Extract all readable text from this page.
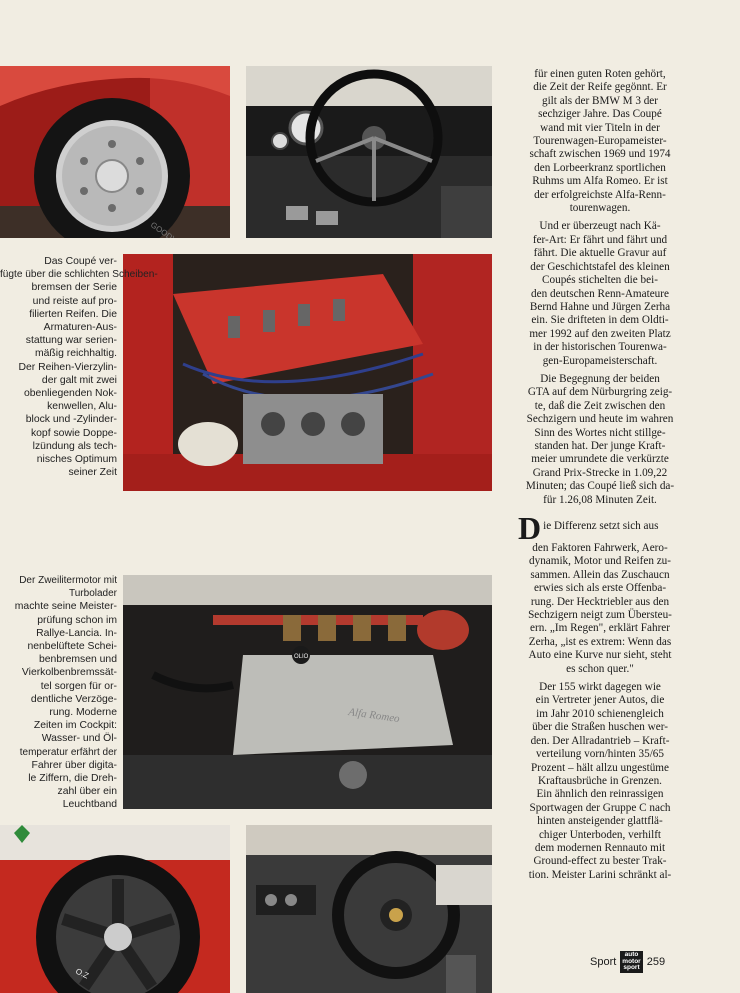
OLIO
Alfa Romeo
O.Z
Das Coupé ver-
fügte über die schlichten Scheiben-
bremsen der Serie
und reiste auf pro-
filierten Reifen. Die
Armaturen-Aus-
stattung war serien-
mäßig reichhaltig.
Der Reihen-Vierzylin-
der galt mit zwei
obenliegenden Nok-
kenwellen, Alu-
block und -Zylinder-
kopf sowie Doppe-
lzündung als tech-
nisches Optimum
seiner Zeit
Der Zweilitermotor mit Turbolader
machte seine Meister-
prüfung schon im
Rallye-Lancia. In-
nenbelüftete Schei-
benbremsen und
Vierkolbenbremssät-
tel sorgen für or-
dentliche Verzöge-
rung. Moderne
Zeiten im Cockpit:
Wasser- und Öl-
temperatur erfährt der
Fahrer über digita-
le Ziffern, die Dreh-
zahl über ein
Leuchtband
für einen guten Roten gehört,
die Zeit der Reife gegönnt. Er
gilt als der BMW M 3 der
sechziger Jahre. Das Coupé
wand mit vier Titeln in der
Tourenwagen-Europameister-
schaft zwischen 1969 und 1974
den Lorbeerkranz sportlichen
Ruhms um Alfa Romeo. Er ist
der erfolgreichste Alfa-Renn-
tourenwagen.
Und er überzeugt nach Kä-
fer-Art: Er fährt und fährt und
fährt. Die aktuelle Gravur auf
der Geschichtstafel des kleinen
Coupés stichelten die bei-
den deutschen Renn-Amateure
Bernd Hahne und Jürgen Zerha
ein. Sie drifteten in dem Oldti-
mer 1992 auf den zweiten Platz
in der historischen Tourenwa-
gen-Europameisterschaft.
Die Begegnung der beiden
GTA auf dem Nürburgring zeig-
te, daß die Zeit zwischen den
Sechzigern und heute im wahren
Sinn des Wortes nicht stillge-
standen hat. Der junge Kraft-
meier umrundete die verkürzte
Grand Prix-Strecke in 1.09,22
Minuten; das Coupé ließ sich da-
für 1.26,08 Minuten Zeit.
D ie Differenz setzt sich aus
den Faktoren Fahrwerk, Aero-
dynamik, Motor und Reifen zu-
sammen. Allein das Zuschaucn
erwies sich als erste Offenba-
rung. Der Hecktriebler aus den
Sechzigern neigt zum Übersteu-
ern. „Im Regen", erklärt Fahrer
Zerha, „ist es extrem: Wenn das
Auto eine Kurve nur sieht, steht
es schon quer."
Der 155 wirkt dagegen wie
ein Vertreter jener Autos, die
im Jahr 2010 schienengleich
über die Straßen huschen wer-
den. Der Allradantrieb – Kraft-
verteilung vorn/hinten 35/65
Prozent – hält allzu ungestüme
Kraftausbrüche in Grenzen.
Ein ähnlich den reinrassigen
Sportwagen der Gruppe C nach
hinten ansteigender glattflä-
chiger Unterboden, verhilft
dem modernen Rennauto mit
Ground-effect zu bester Trak-
tion. Meister Larini schränkt al-
Sport
auto
motor
sport 259
